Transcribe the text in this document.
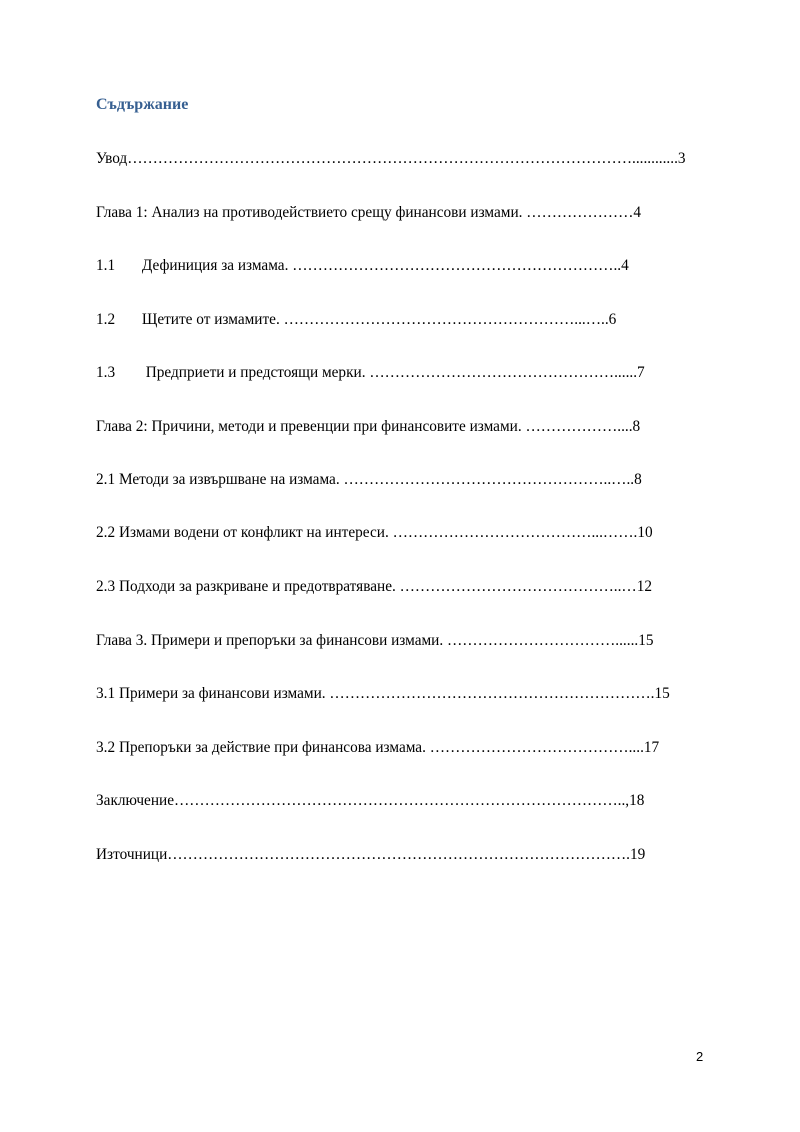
Съдържание

Увод………………………………………………………………………………………............3

Глава 1: Анализ на противодействието срещу финансови измами. …………………4

1.1       Дефиниция за измама. ………………………………………………………..4

1.2       Щетите от измамите. …………………………………………………...…..6

1.3        Предприети и предстоящи мерки. …………………………………………......7

Глава 2: Причини, методи и превенции при финансовите измами. ………………....8

2.1 Методи за извършване на измама. ……………………………………………..…..8

2.2 Измами водени от конфликт на интереси. …………………………………...…….10

2.3 Подходи за разкриване и предотвратяване. ……………………………………..…12

Глава 3. Примери и препоръки за финансови измами. ……………………………......15

3.1 Примери за финансови измами. ……………………………………………………….15

3.2 Препоръки за действие при финансова измама. …………………………………....17

Заключение……………………………………………………………………………..,18

Източници……………………………………………………………………………….19

2
